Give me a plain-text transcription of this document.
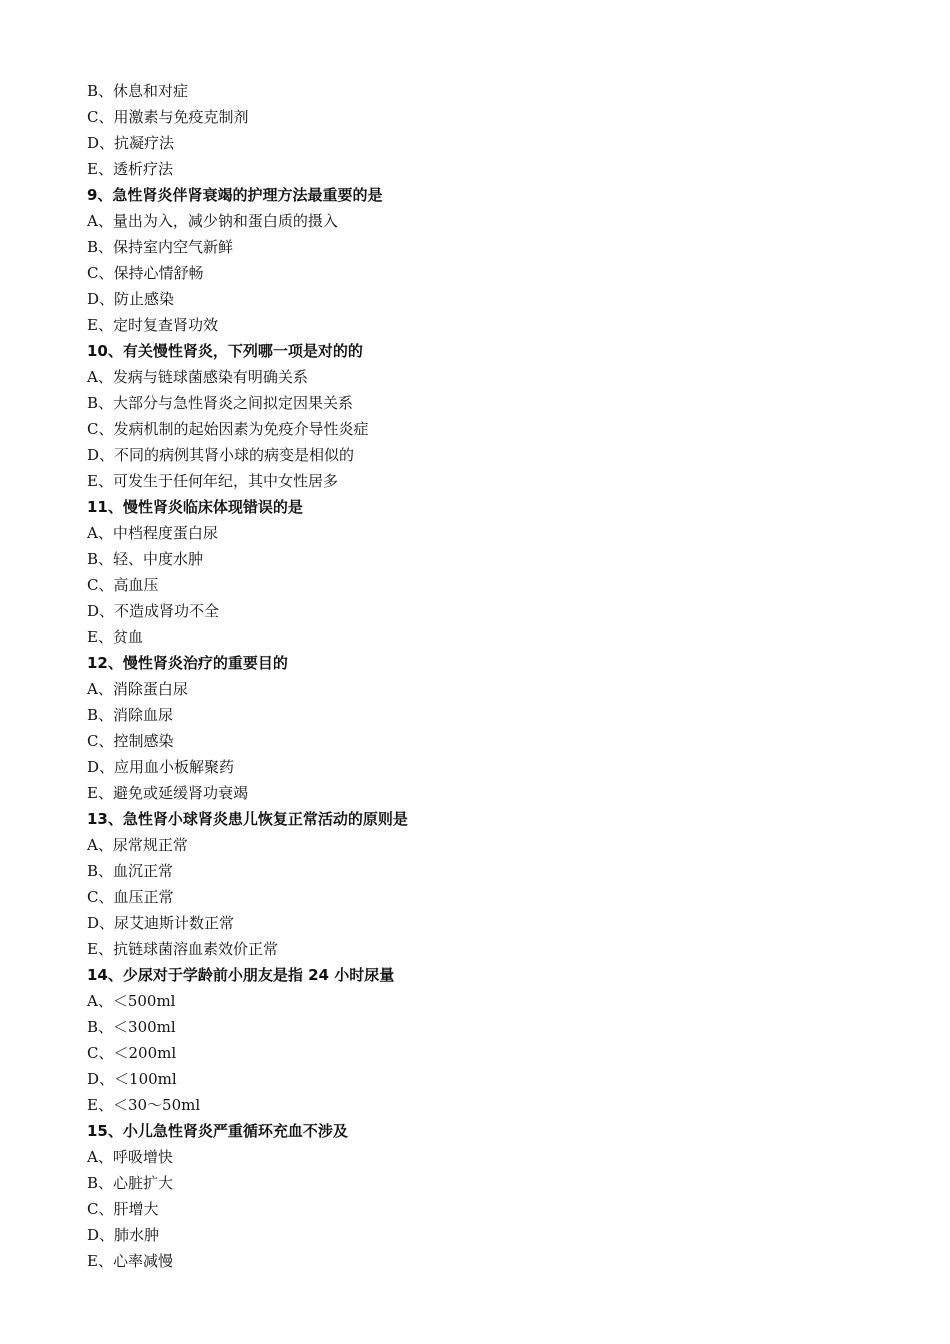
B、休息和对症
C、用激素与免疫克制剂
D、抗凝疗法
E、透析疗法
9、急性肾炎伴肾衰竭的护理方法最重要的是
A、量出为入，减少钠和蛋白质的摄入
B、保持室内空气新鲜
C、保持心情舒畅
D、防止感染
E、定时复查肾功效
10、有关慢性肾炎，下列哪一项是对的的
A、发病与链球菌感染有明确关系
B、大部分与急性肾炎之间拟定因果关系
C、发病机制的起始因素为免疫介导性炎症
D、不同的病例其肾小球的病变是相似的
E、可发生于任何年纪，其中女性居多
11、慢性肾炎临床体现错误的是
A、中档程度蛋白尿
B、轻、中度水肿
C、高血压
D、不造成肾功不全
E、贫血
12、慢性肾炎治疗的重要目的
A、消除蛋白尿
B、消除血尿
C、控制感染
D、应用血小板解聚药
E、避免或延缓肾功衰竭
13、急性肾小球肾炎患儿恢复正常活动的原则是
A、尿常规正常
B、血沉正常
C、血压正常
D、尿艾迪斯计数正常
E、抗链球菌溶血素效价正常
14、少尿对于学龄前小朋友是指 24 小时尿量
A、＜500ml
B、＜300ml
C、＜200ml
D、＜100ml
E、＜30～50ml
15、小儿急性肾炎严重循环充血不涉及
A、呼吸增快
B、心脏扩大
C、肝增大
D、肺水肿
E、心率减慢
